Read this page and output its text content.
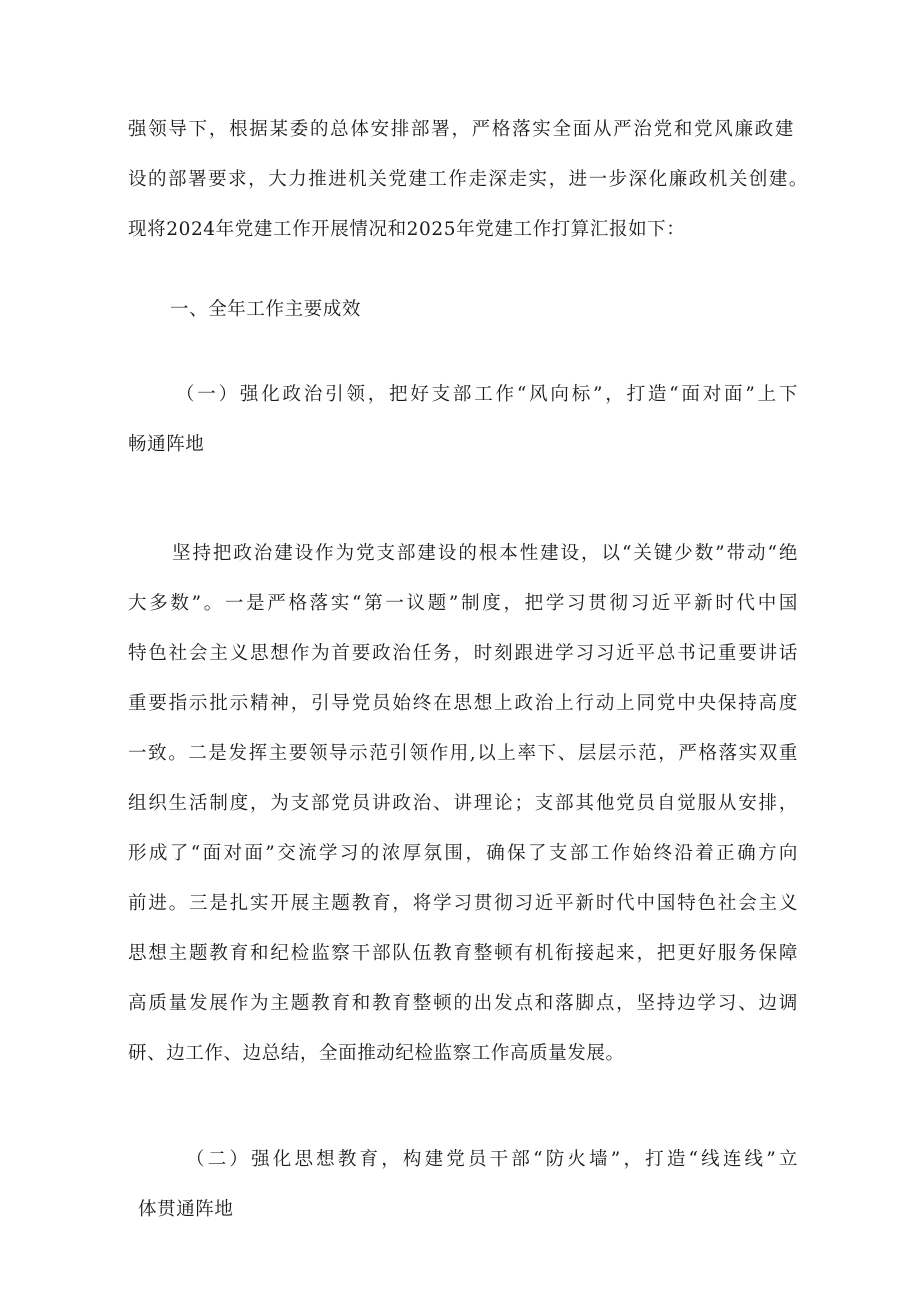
强领导下，根据某委的总体安排部署，严格落实全面从严治党和党风廉政建
设的部署要求，大力推进机关党建工作走深走实，进一步深化廉政机关创建。
现将2024年党建工作开展情况和2025年党建工作打算汇报如下：
一、全年工作主要成效
（一）强化政治引领，把好支部工作“风向标”，打造“面对面”上下
畅通阵地
坚持把政治建设作为党支部建设的根本性建设，以“关键少数”带动“绝
大多数”。一是严格落实“第一议题”制度，把学习贯彻习近平新时代中国
特色社会主义思想作为首要政治任务，时刻跟进学习习近平总书记重要讲话
重要指示批示精神，引导党员始终在思想上政治上行动上同党中央保持高度
一致。二是发挥主要领导示范引领作用,以上率下、层层示范，严格落实双重
组织生活制度，为支部党员讲政治、讲理论；支部其他党员自觉服从安排，
形成了“面对面”交流学习的浓厚氛围，确保了支部工作始终沿着正确方向
前进。三是扎实开展主题教育，将学习贯彻习近平新时代中国特色社会主义
思想主题教育和纪检监察干部队伍教育整顿有机衔接起来，把更好服务保障
高质量发展作为主题教育和教育整顿的出发点和落脚点，坚持边学习、边调
研、边工作、边总结，全面推动纪检监察工作高质量发展。
（二）强化思想教育，构建党员干部“防火墙”，打造“线连线”立
体贯通阵地
